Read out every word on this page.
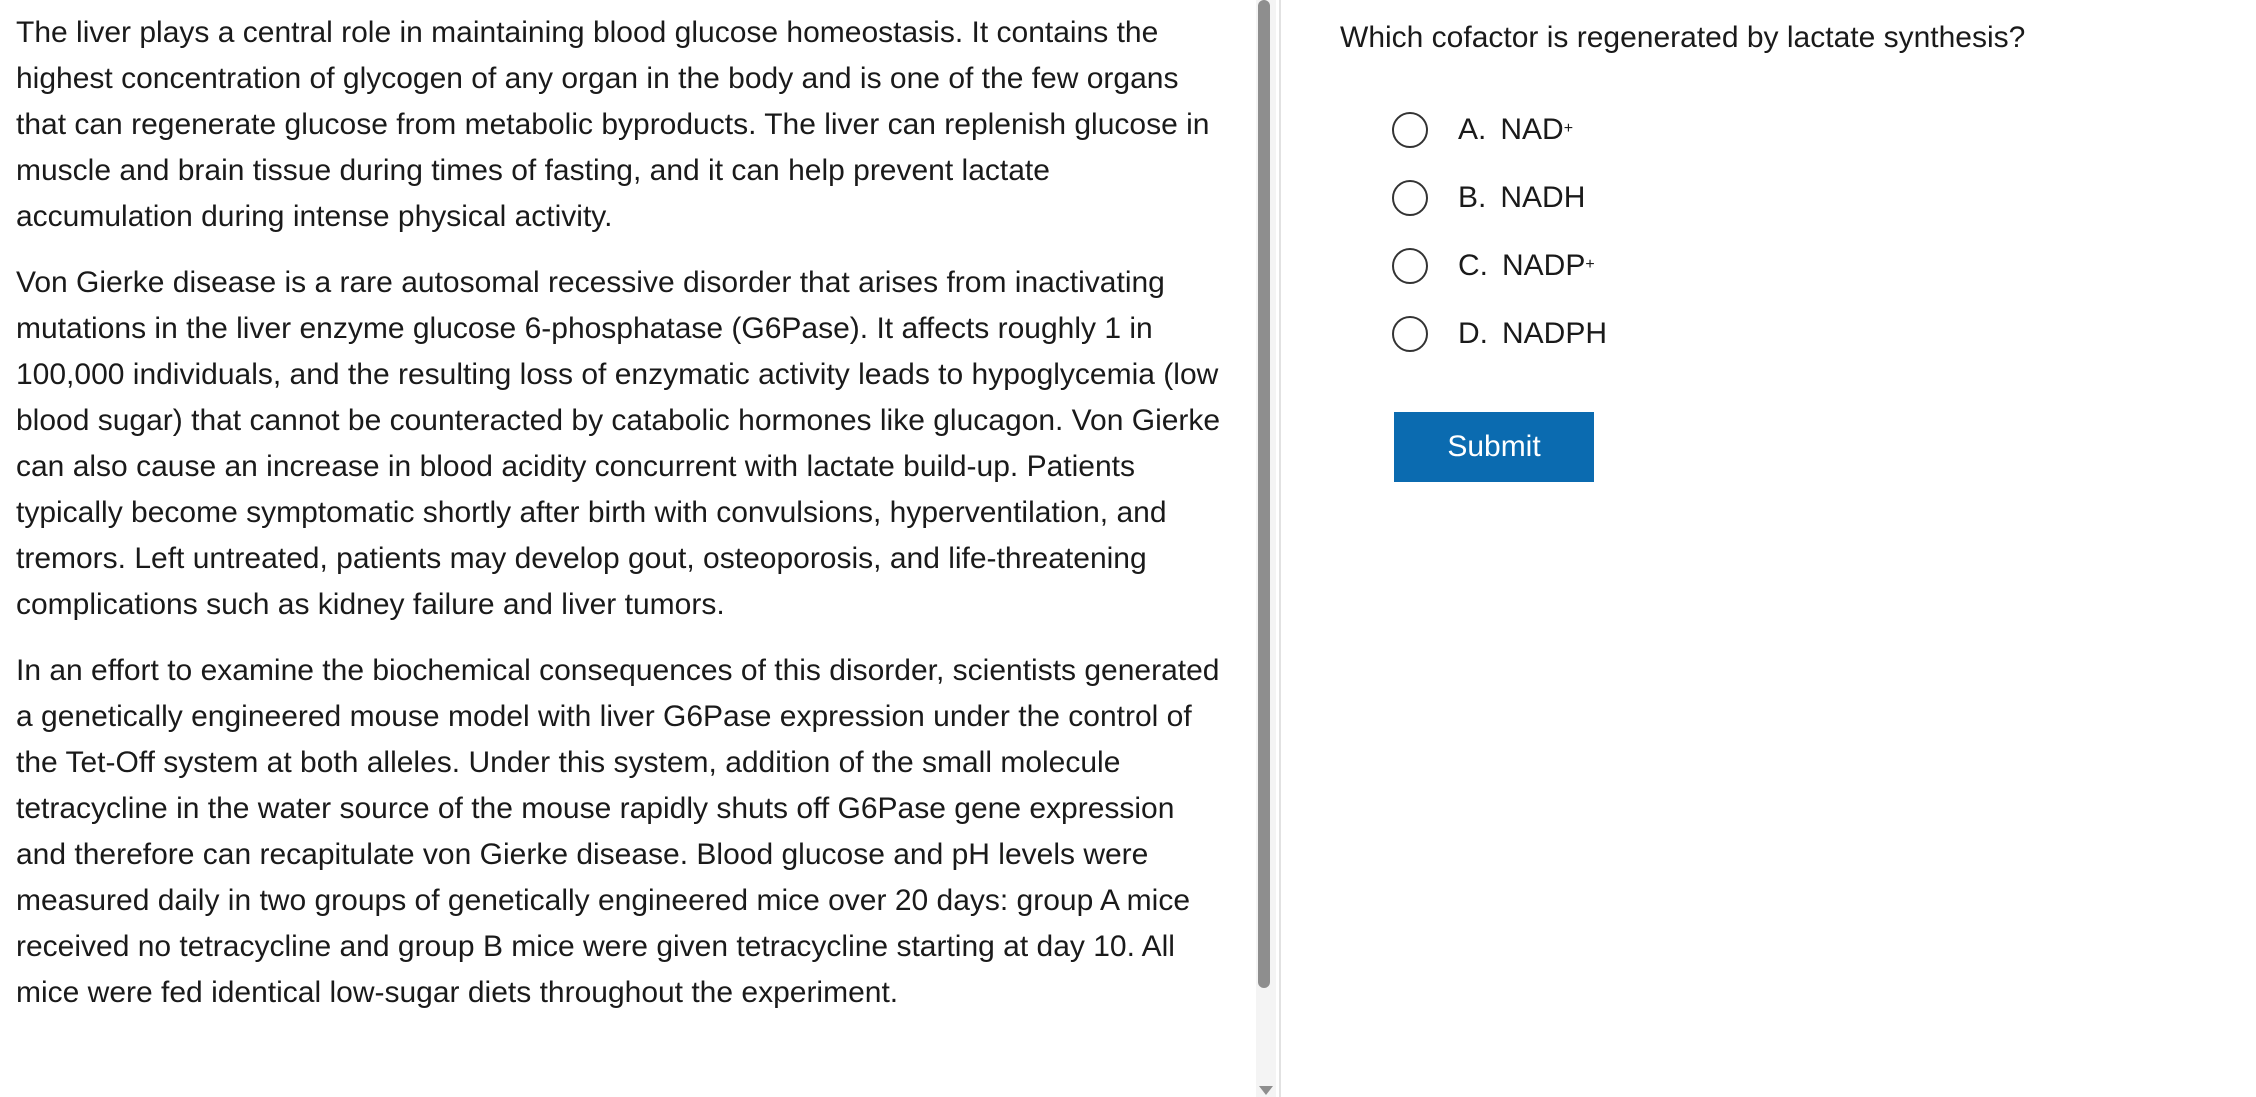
The liver plays a central role in maintaining blood glucose homeostasis. It contains the highest concentration of glycogen of any organ in the body and is one of the few organs that can regenerate glucose from metabolic byproducts. The liver can replenish glucose in muscle and brain tissue during times of fasting, and it can help prevent lactate accumulation during intense physical activity.

Von Gierke disease is a rare autosomal recessive disorder that arises from inactivating mutations in the liver enzyme glucose 6-phosphatase (G6Pase). It affects roughly 1 in 100,000 individuals, and the resulting loss of enzymatic activity leads to hypoglycemia (low blood sugar) that cannot be counteracted by catabolic hormones like glucagon. Von Gierke can also cause an increase in blood acidity concurrent with lactate build-up. Patients typically become symptomatic shortly after birth with convulsions, hyperventilation, and tremors. Left untreated, patients may develop gout, osteoporosis, and life-threatening complications such as kidney failure and liver tumors.

In an effort to examine the biochemical consequences of this disorder, scientists generated a genetically engineered mouse model with liver G6Pase expression under the control of the Tet-Off system at both alleles. Under this system, addition of the small molecule tetracycline in the water source of the mouse rapidly shuts off G6Pase gene expression and therefore can recapitulate von Gierke disease. Blood glucose and pH levels were measured daily in two groups of genetically engineered mice over 20 days: group A mice received no tetracycline and group B mice were given tetracycline starting at day 10. All mice were fed identical low-sugar diets throughout the experiment.

Which cofactor is regenerated by lactate synthesis?
A. NAD +
B. NADH
C. NADP +
D. NADPH
Submit
